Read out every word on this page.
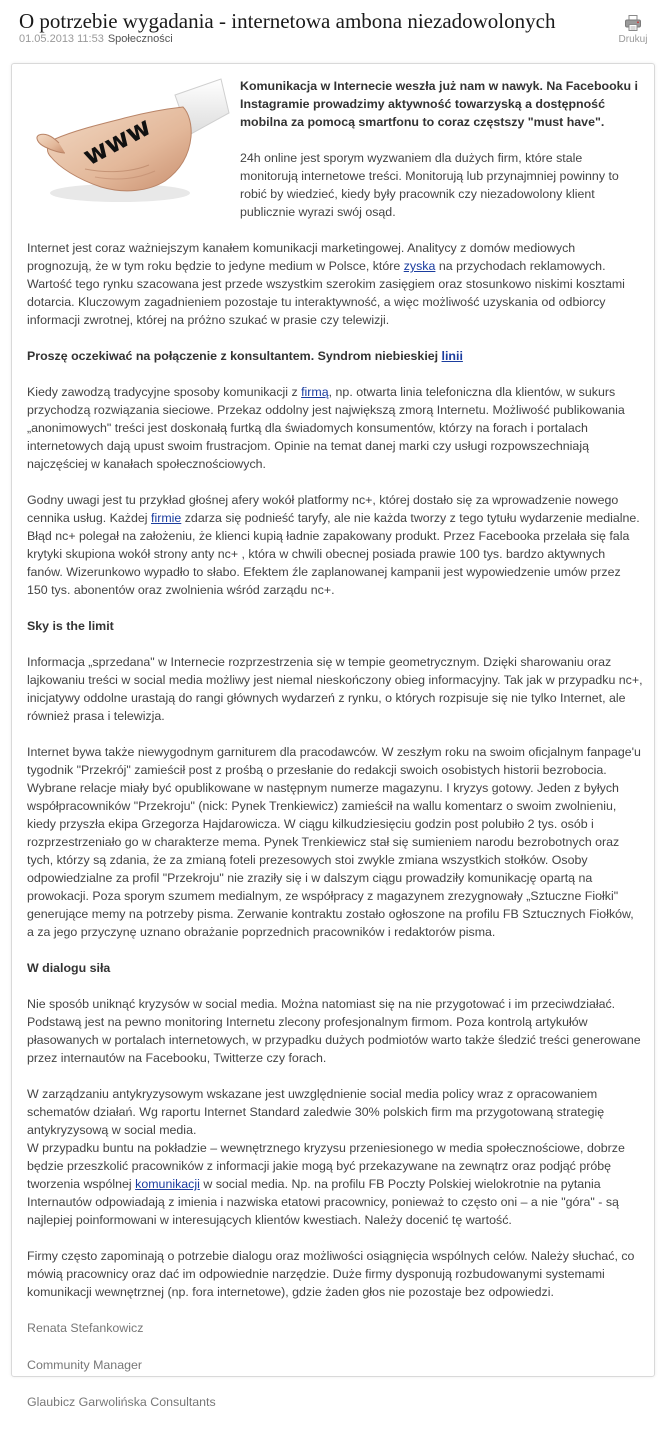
O potrzebie wygadania - internetowa ambona niezadowolonych
01.05.2013 11:53 Społeczności	Drukuj
www

Komunikacja w Internecie weszła już nam w nawyk. Na Facebooku i Instagramie prowadzimy aktywność towarzyską a dostępność mobilna za pomocą smartfonu to coraz częstszy "must have".

24h online jest sporym wyzwaniem dla dużych firm, które stale monitorują internetowe treści. Monitorują lub przynajmniej powinny to robić by wiedzieć, kiedy były pracownik czy niezadowolony klient publicznie wyrazi swój osąd.

Internet jest coraz ważniejszym kanałem komunikacji marketingowej. Analitycy z domów mediowych prognozują, że w tym roku będzie to jedyne medium w Polsce, które zyska na przychodach reklamowych. Wartość tego rynku szacowana jest przede wszystkim szerokim zasięgiem oraz stosunkowo niskimi kosztami dotarcia. Kluczowym zagadnieniem pozostaje tu interaktywność, a więc możliwość uzyskania od odbiorcy informacji zwrotnej, której na próżno szukać w prasie czy telewizji.

Proszę oczekiwać na połączenie z konsultantem. Syndrom niebieskiej linii

Kiedy zawodzą tradycyjne sposoby komunikacji z firmą, np. otwarta linia telefoniczna dla klientów, w sukurs przychodzą rozwiązania sieciowe. Przekaz oddolny jest największą zmorą Internetu. Możliwość publikowania „anonimowych" treści jest doskonałą furtką dla świadomych konsumentów, którzy na forach i portalach internetowych dają upust swoim frustracjom. Opinie na temat danej marki czy usługi rozpowszechniają najczęściej w kanałach społecznościowych.

Godny uwagi jest tu przykład głośnej afery wokół platformy nc+, której dostało się za wprowadzenie nowego cennika usług. Każdej firmie zdarza się podnieść taryfy, ale nie każda tworzy z tego tytułu wydarzenie medialne. Błąd nc+ polegał na założeniu, że klienci kupią ładnie zapakowany produkt. Przez Facebooka przelała się fala krytyki skupiona wokół strony anty nc+ , która w chwili obecnej posiada prawie 100 tys. bardzo aktywnych fanów. Wizerunkowo wypadło to słabo. Efektem źle zaplanowanej kampanii jest wypowiedzenie umów przez 150 tys. abonentów oraz zwolnienia wśród zarządu nc+.

Sky is the limit

Informacja „sprzedana" w Internecie rozprzestrzenia się w tempie geometrycznym. Dzięki sharowaniu oraz lajkowaniu treści w social media możliwy jest niemal nieskończony obieg informacyjny. Tak jak w przypadku nc+, inicjatywy oddolne urastają do rangi głównych wydarzeń z rynku, o których rozpisuje się nie tylko Internet, ale również prasa i telewizja.

Internet bywa także niewygodnym garniturem dla pracodawców. W zeszłym roku na swoim oficjalnym fanpage'u tygodnik "Przekrój" zamieścił post z prośbą o przesłanie do redakcji swoich osobistych historii bezrobocia. Wybrane relacje miały być opublikowane w następnym numerze magazynu. I kryzys gotowy. Jeden z byłych współpracowników "Przekroju" (nick: Pynek Trenkiewicz) zamieścił na wallu komentarz o swoim zwolnieniu, kiedy przyszła ekipa Grzegorza Hajdarowicza. W ciągu kilkudziesięciu godzin post polubiło 2 tys. osób i rozprzestrzeniało go w charakterze mema. Pynek Trenkiewicz stał się sumieniem narodu bezrobotnych oraz tych, którzy są zdania, że za zmianą foteli prezesowych stoi zwykle zmiana wszystkich stołków. Osoby odpowiedzialne za profil "Przekroju" nie zraziły się i w dalszym ciągu prowadziły komunikację opartą na prowokacji. Poza sporym szumem medialnym, ze współpracy z magazynem zrezygnowały „Sztuczne Fiołki" generujące memy na potrzeby pisma. Zerwanie kontraktu zostało ogłoszone na profilu FB Sztucznych Fiołków, a za jego przyczynę uznano obrażanie poprzednich pracowników i redaktorów pisma.

W dialogu siła

Nie sposób uniknąć kryzysów w social media. Można natomiast się na nie przygotować i im przeciwdziałać. Podstawą jest na pewno monitoring Internetu zlecony profesjonalnym firmom. Poza kontrolą artykułów płasowanych w portalach internetowych, w przypadku dużych podmiotów warto także śledzić treści generowane przez internautów na Facebooku, Twitterze czy forach.

W zarządzaniu antykryzysowym wskazane jest uwzględnienie social media policy wraz z opracowaniem schematów działań. Wg raportu Internet Standard zaledwie 30% polskich firm ma przygotowaną strategię antykryzysową w social media.

W przypadku buntu na pokładzie – wewnętrznego kryzysu przeniesionego w media społecznościowe, dobrze będzie przeszkolić pracowników z informacji jakie mogą być przekazywane na zewnątrz oraz podjąć próbę tworzenia wspólnej komunikacji w social media. Np. na profilu FB Poczty Polskiej wielokrotnie na pytania Internautów odpowiadają z imienia i nazwiska etatowi pracownicy, ponieważ to często oni – a nie "góra" - są najlepiej poinformowani w interesujących klientów kwestiach. Należy docenić tę wartość.

Firmy często zapominają o potrzebie dialogu oraz możliwości osiągnięcia wspólnych celów. Należy słuchać, co mówią pracownicy oraz dać im odpowiednie narzędzie. Duże firmy dysponują rozbudowanymi systemami komunikacji wewnętrznej (np. fora internetowe), gdzie żaden głos nie pozostaje bez odpowiedzi.

Renata Stefankowicz

Community Manager

Glaubicz Garwolińska Consultants
